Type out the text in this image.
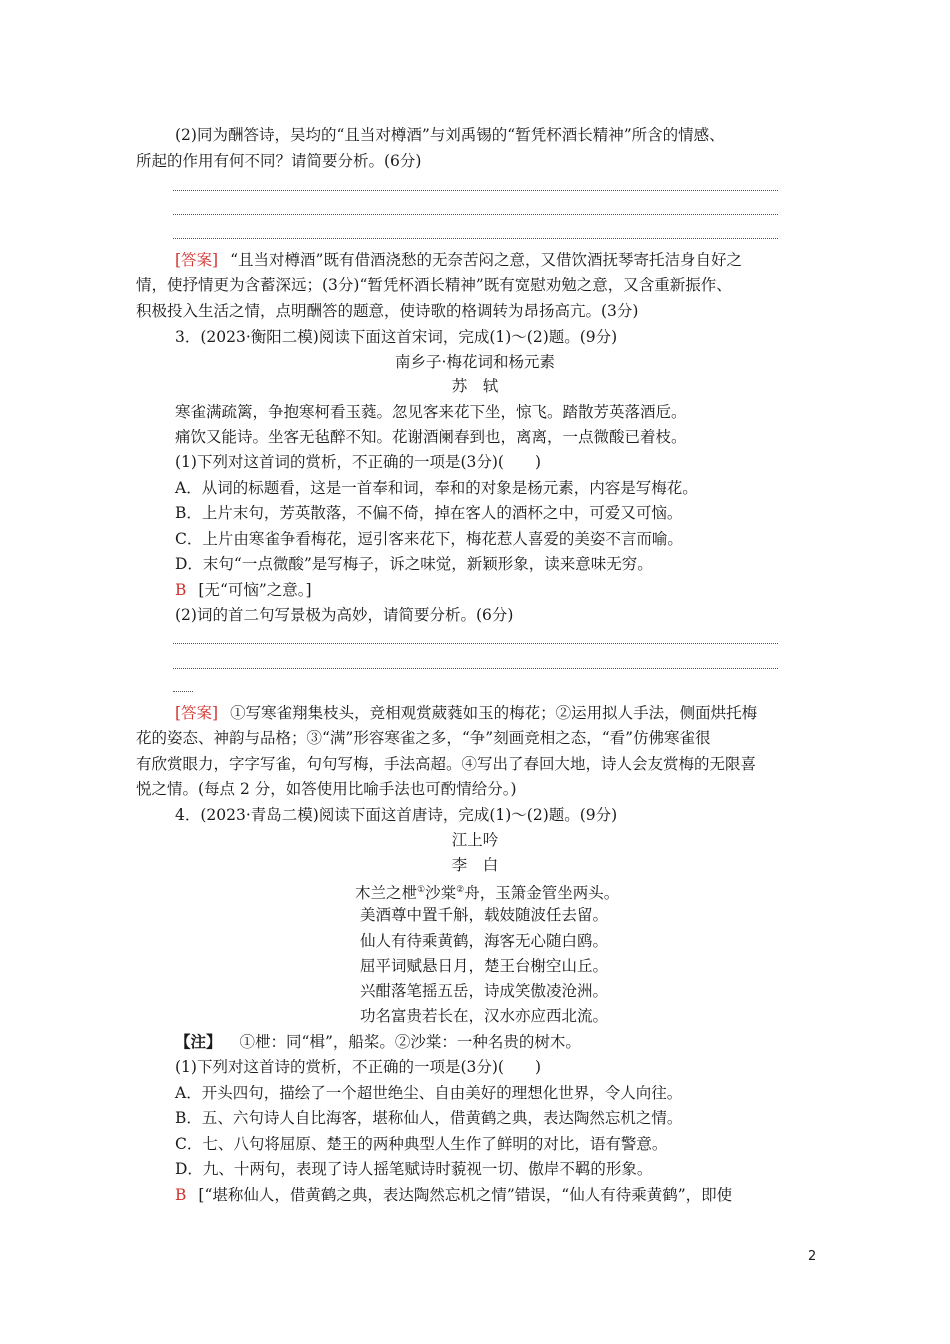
(2)同为酬答诗，吴均的“且当对樽酒”与刘禹锡的“暂凭杯酒长精神”所含的情感、
所起的作用有何不同？请简要分析。(6分)
[答案] “且当对樽酒”既有借酒浇愁的无奈苦闷之意，又借饮酒抚琴寄托洁身自好之
情，使抒情更为含蓄深远；(3分)“暂凭杯酒长精神”既有宽慰劝勉之意，又含重新振作、
积极投入生活之情，点明酬答的题意，使诗歌的格调转为昂扬高亢。(3分)
3．(2023·衡阳二模)阅读下面这首宋词，完成(1)～(2)题。(9分)
南乡子·梅花词和杨元素
苏　轼
寒雀满疏篱，争抱寒柯看玉蕤。忽见客来花下坐，惊飞。踏散芳英落酒卮。
痛饮又能诗。坐客无毡醉不知。花谢酒阑春到也，离离，一点微酸已着枝。
(1)下列对这首词的赏析，不正确的一项是(3分)(　　)
A．从词的标题看，这是一首奉和词，奉和的对象是杨元素，内容是写梅花。
B．上片末句，芳英散落，不偏不倚，掉在客人的酒杯之中，可爱又可恼。
C．上片由寒雀争看梅花，逗引客来花下，梅花惹人喜爱的美姿不言而喻。
D．末句“一点微酸”是写梅子，诉之味觉，新颖形象，读来意味无穷。
B [无“可恼”之意。]
(2)词的首二句写景极为高妙，请简要分析。(6分)
[答案] ①写寒雀翔集枝头，竞相观赏葳蕤如玉的梅花；②运用拟人手法，侧面烘托梅
花的姿态、神韵与品格；③“满”形容寒雀之多，“争”刻画竞相之态，“看”仿佛寒雀很
有欣赏眼力，字字写雀，句句写梅，手法高超。④写出了春回大地，诗人会友赏梅的无限喜
悦之情。(每点 2 分，如答使用比喻手法也可酌情给分。)
4．(2023·青岛二模)阅读下面这首唐诗，完成(1)～(2)题。(9分)
江上吟
李　白
木兰之枻①沙棠②舟，玉箫金管坐两头。
美酒尊中置千斛，载妓随波任去留。
仙人有待乘黄鹤，海客无心随白鸥。
屈平词赋悬日月，楚王台榭空山丘。
兴酣落笔摇五岳，诗成笑傲凌沧洲。
功名富贵若长在，汉水亦应西北流。
【注】 ①枻：同“楫”，船桨。②沙棠：一种名贵的树木。
(1)下列对这首诗的赏析，不正确的一项是(3分)(　　)
A．开头四句，描绘了一个超世绝尘、自由美好的理想化世界，令人向往。
B．五、六句诗人自比海客，堪称仙人，借黄鹤之典，表达陶然忘机之情。
C．七、八句将屈原、楚王的两种典型人生作了鲜明的对比，语有警意。
D．九、十两句，表现了诗人摇笔赋诗时藐视一切、傲岸不羁的形象。
B [“堪称仙人，借黄鹤之典，表达陶然忘机之情”错误，“仙人有待乘黄鹤”，即使
2
